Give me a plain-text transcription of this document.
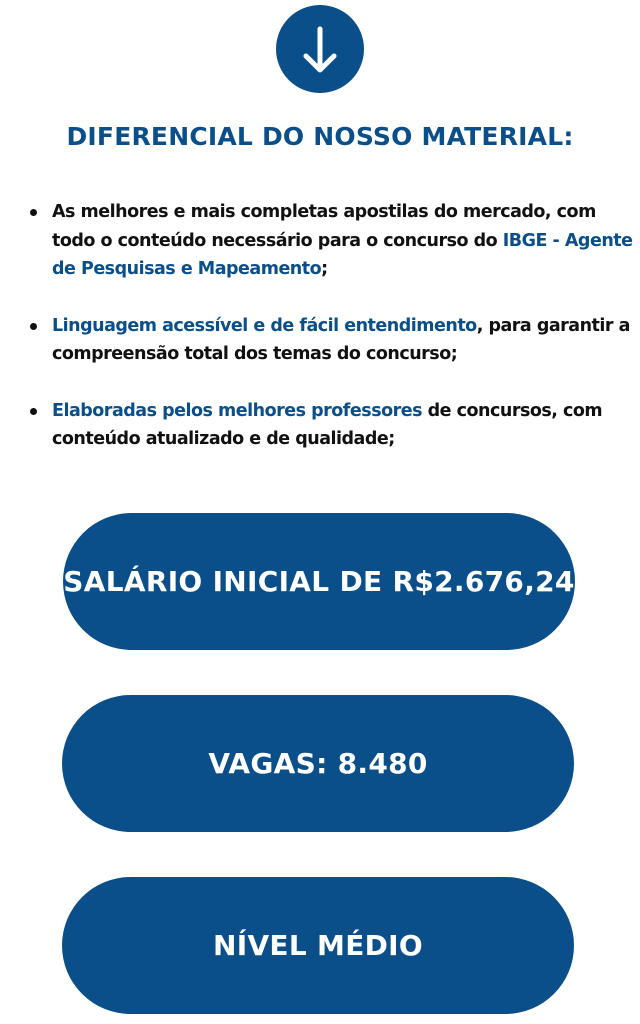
DIFERENCIAL DO NOSSO MATERIAL:
As melhores e mais completas apostilas do mercado, com todo o conteúdo necessário para o concurso do IBGE - Agente de Pesquisas e Mapeamento;
Linguagem acessível e de fácil entendimento, para garantir a compreensão total dos temas do concurso;
Elaboradas pelos melhores professores de concursos, com conteúdo atualizado e de qualidade;
SALÁRIO INICIAL DE R$2.676,24
VAGAS: 8.480
NÍVEL MÉDIO
